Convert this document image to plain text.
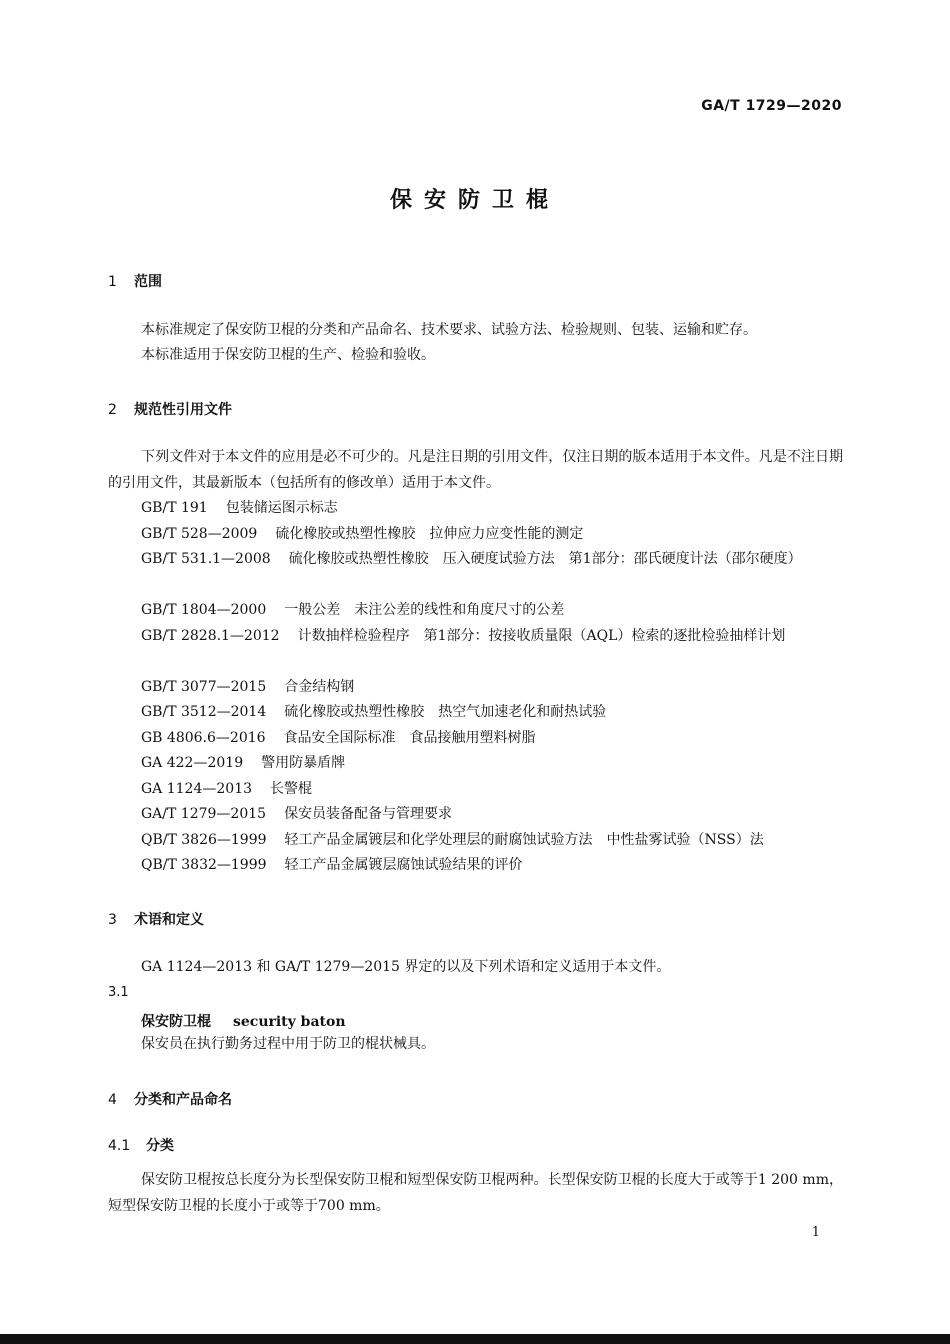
GA/T 1729—2020
保安防卫棍
1 范围
本标准规定了保安防卫棍的分类和产品命名、技术要求、试验方法、检验规则、包装、运输和贮存。
本标准适用于保安防卫棍的生产、检验和验收。
2 规范性引用文件
下列文件对于本文件的应用是必不可少的。凡是注日期的引用文件，仅注日期的版本适用于本文件。凡是不注日期的引用文件，其最新版本（包括所有的修改单）适用于本文件。
GB/T 191 包装储运图示标志
GB/T 528—2009 硫化橡胶或热塑性橡胶　拉伸应力应变性能的测定
GB/T 531.1—2008 硫化橡胶或热塑性橡胶　压入硬度试验方法　第1部分：邵氏硬度计法（邵尔硬度）
GB/T 1804—2000 一般公差　未注公差的线性和角度尺寸的公差
GB/T 2828.1—2012 计数抽样检验程序　第1部分：按接收质量限（AQL）检索的逐批检验抽样计划
GB/T 3077—2015 合金结构钢
GB/T 3512—2014 硫化橡胶或热塑性橡胶　热空气加速老化和耐热试验
GB 4806.6—2016 食品安全国际标准　食品接触用塑料树脂
GA 422—2019 警用防暴盾牌
GA 1124—2013 长警棍
GA/T 1279—2015 保安员装备配备与管理要求
QB/T 3826—1999 轻工产品金属镀层和化学处理层的耐腐蚀试验方法　中性盐雾试验（NSS）法
QB/T 3832—1999 轻工产品金属镀层腐蚀试验结果的评价
3 术语和定义
GA 1124—2013 和 GA/T 1279—2015 界定的以及下列术语和定义适用于本文件。
3.1
保安防卫棍 security baton
保安员在执行勤务过程中用于防卫的棍状械具。
4 分类和产品命名
4.1 分类
保安防卫棍按总长度分为长型保安防卫棍和短型保安防卫棍两种。长型保安防卫棍的长度大于或等于1 200 mm，短型保安防卫棍的长度小于或等于700 mm。
1
